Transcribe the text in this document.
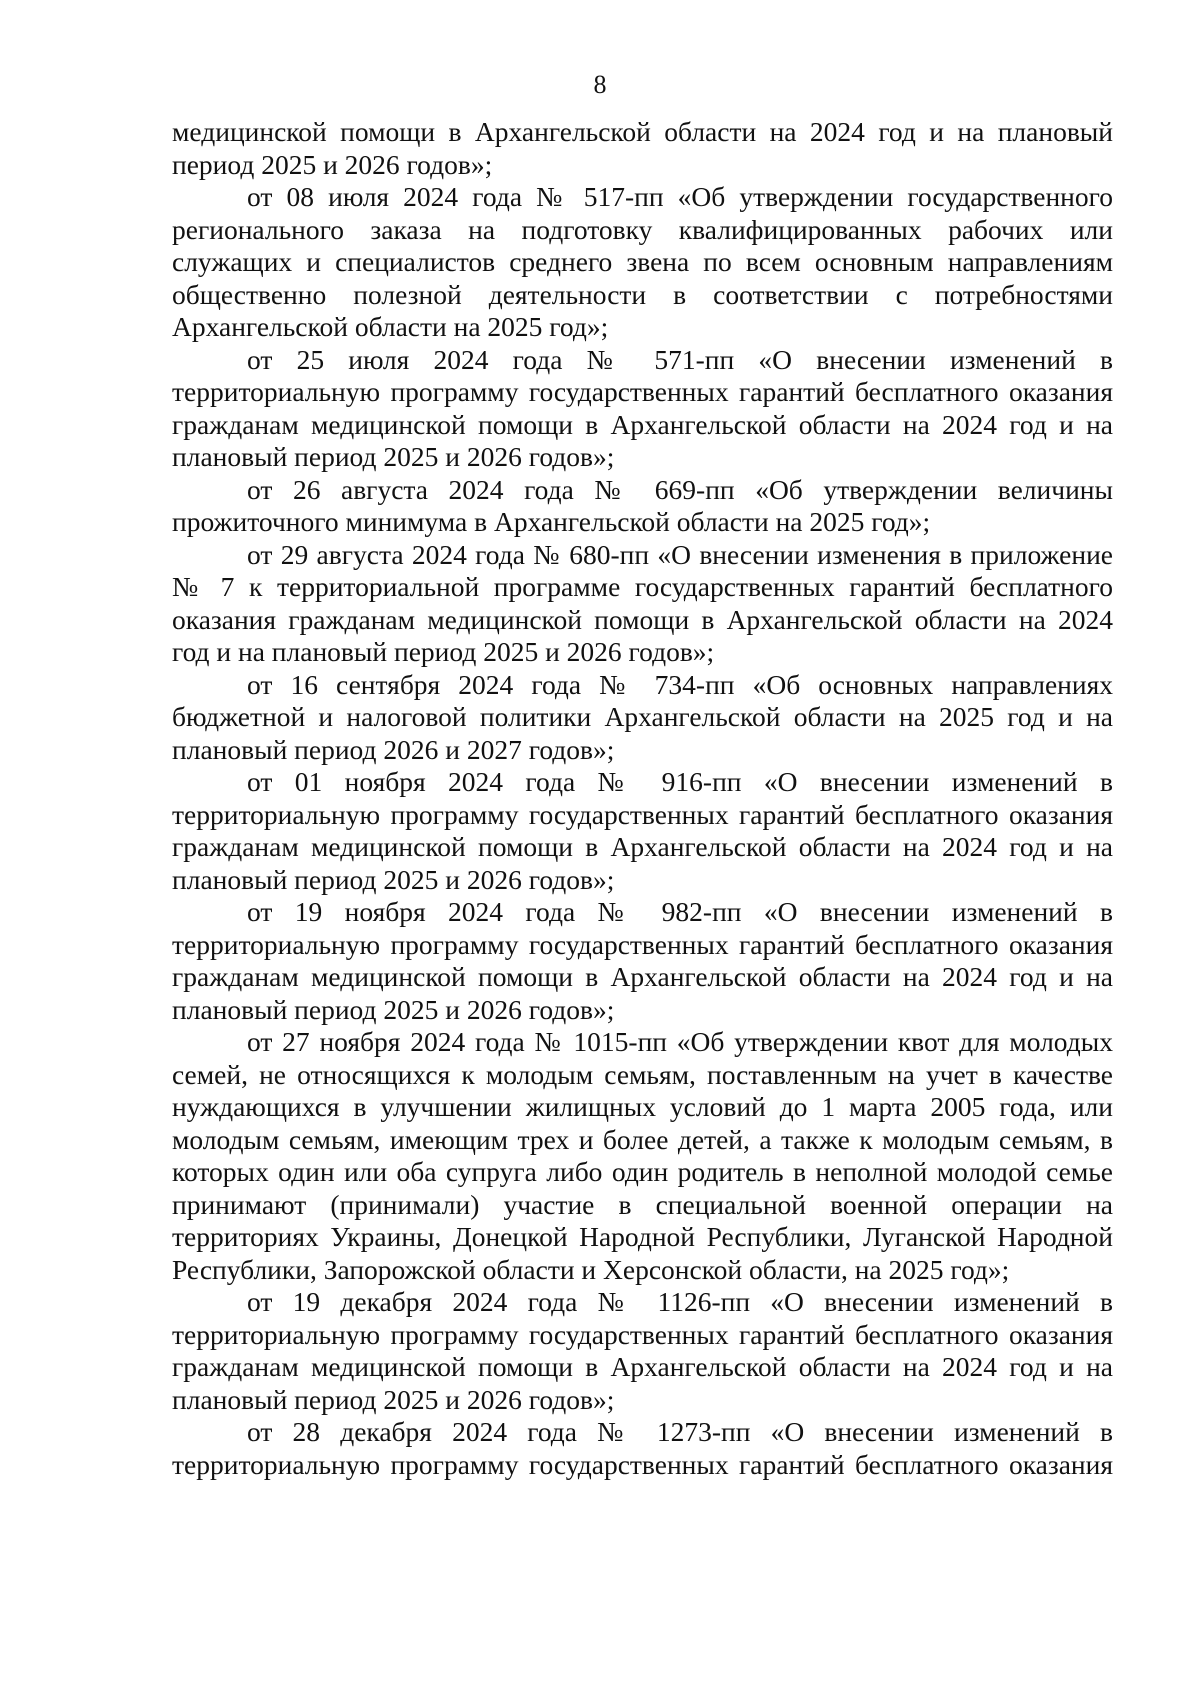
8

медицинской помощи в Архангельской области на 2024 год и на плановый период 2025 и 2026 годов»;

от 08 июля 2024 года № 517-пп «Об утверждении государственного регионального заказа на подготовку квалифицированных рабочих или служащих и специалистов среднего звена по всем основным направлениям общественно полезной деятельности в соответствии с потребностями Архангельской области на 2025 год»;

от 25 июля 2024 года № 571-пп «О внесении изменений в территориальную программу государственных гарантий бесплатного оказания гражданам медицинской помощи в Архангельской области на 2024 год и на плановый период 2025 и 2026 годов»;

от 26 августа 2024 года № 669-пп «Об утверждении величины прожиточного минимума в Архангельской области на 2025 год»;

от 29 августа 2024 года № 680-пп «О внесении изменения в приложение № 7 к территориальной программе государственных гарантий бесплатного оказания гражданам медицинской помощи в Архангельской области на 2024 год и на плановый период 2025 и 2026 годов»;

от 16 сентября 2024 года № 734-пп «Об основных направлениях бюджетной и налоговой политики Архангельской области на 2025 год и на плановый период 2026 и 2027 годов»;

от 01 ноября 2024 года № 916-пп «О внесении изменений в территориальную программу государственных гарантий бесплатного оказания гражданам медицинской помощи в Архангельской области на 2024 год и на плановый период 2025 и 2026 годов»;

от 19 ноября 2024 года № 982-пп «О внесении изменений в территориальную программу государственных гарантий бесплатного оказания гражданам медицинской помощи в Архангельской области на 2024 год и на плановый период 2025 и 2026 годов»;

от 27 ноября 2024 года № 1015-пп «Об утверждении квот для молодых семей, не относящихся к молодым семьям, поставленным на учет в качестве нуждающихся в улучшении жилищных условий до 1 марта 2005 года, или молодым семьям, имеющим трех и более детей, а также к молодым семьям, в которых один или оба супруга либо один родитель в неполной молодой семье принимают (принимали) участие в специальной военной операции на территориях Украины, Донецкой Народной Республики, Луганской Народной Республики, Запорожской области и Херсонской области, на 2025 год»;

от 19 декабря 2024 года № 1126-пп «О внесении изменений в территориальную программу государственных гарантий бесплатного оказания гражданам медицинской помощи в Архангельской области на 2024 год и на плановый период 2025 и 2026 годов»;

от 28 декабря 2024 года № 1273-пп «О внесении изменений в территориальную программу государственных гарантий бесплатного оказания
